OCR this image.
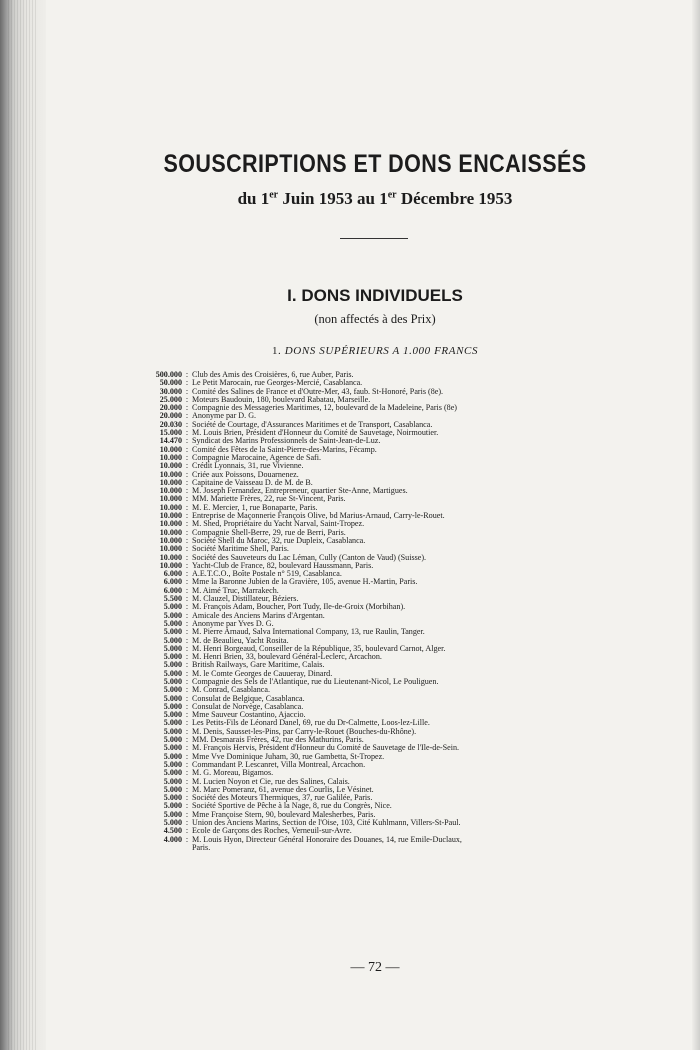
SOUSCRIPTIONS ET DONS ENCAISSÉS
du 1er Juin 1953 au 1er Décembre 1953
I. DONS INDIVIDUELS
(non affectés à des Prix)
1. DONS SUPÉRIEURS A 1.000 FRANCS
500.000 : Club des Amis des Croisières, 6, rue Auber, Paris.
50.000 : Le Petit Marocain, rue Georges-Mercié, Casablanca.
30.000 : Comité des Salines de France et d'Outre-Mer, 43, faub. St-Honoré, Paris (8e).
25.000 : Moteurs Baudouin, 180, boulevard Rabatau, Marseille.
20.000 : Compagnie des Messageries Maritimes, 12, boulevard de la Madeleine, Paris (8e)
20.000 : Anonyme par D. G.
20.030 : Société de Courtage, d'Assurances Maritimes et de Transport, Casablanca.
15.000 : M. Louis Brien, Président d'Honneur du Comité de Sauvetage, Noirmoutier.
14.470 : Syndicat des Marins Professionnels de Saint-Jean-de-Luz.
10.000 : Comité des Fêtes de la Saint-Pierre-des-Marins, Fécamp.
10.000 : Compagnie Marocaine, Agence de Safi.
10.000 : Crédit Lyonnais, 31, rue Vivienne.
10.000 : Criée aux Poissons, Douarnenez.
10.000 : Capitaine de Vaisseau D. de M. de B.
10.000 : M. Joseph Fernandez, Entrepreneur, quartier Ste-Anne, Martigues.
10.000 : MM. Mariette Frères, 22, rue St-Vincent, Paris.
10.000 : M. E. Mercier, 1, rue Bonaparte, Paris.
10.000 : Entreprise de Maçonnerie François Olive, bd Marius-Arnaud, Carry-le-Rouet.
10.000 : M. Shed, Propriétaire du Yacht Narval, Saint-Tropez.
10.000 : Compagnie Shell-Berre, 29, rue de Berri, Paris.
10.000 : Société Shell du Maroc, 32, rue Dupleix, Casablanca.
10.000 : Société Maritime Shell, Paris.
10.000 : Société des Sauveteurs du Lac Léman, Cully (Canton de Vaud) (Suisse).
10.000 : Yacht-Club de France, 82, boulevard Haussmann, Paris.
6.000 : A.E.T.C.O., Boîte Postale n° 519, Casablanca.
6.000 : Mme la Baronne Jubien de la Gravière, 105, avenue H.-Martin, Paris.
6.000 : M. Aimé Truc, Marrakech.
5.500 : M. Clauzel, Distillateur, Béziers.
5.000 : M. François Adam, Boucher, Port Tudy, Ile-de-Groix (Morbihan).
5.000 : Amicale des Anciens Marins d'Argentan.
5.000 : Anonyme par Yves D. G.
5.000 : M. Pierre Arnaud, Salva International Company, 13, rue Raulin, Tanger.
5.000 : M. de Beaulieu, Yacht Rosita.
5.000 : M. Henri Borgeaud, Conseiller de la République, 35, boulevard Carnot, Alger.
5.000 : M. Henri Brien, 33, boulevard Général-Leclerc, Arcachon.
5.000 : British Railways, Gare Maritime, Calais.
5.000 : M. le Comte Georges de Cauueray, Dinard.
5.000 : Compagnie des Sels de l'Atlantique, rue du Lieutenant-Nicol, Le Pouliguen.
5.000 : M. Conrad, Casablanca.
5.000 : Consulat de Belgique, Casablanca.
5.000 : Consulat de Norvège, Casablanca.
5.000 : Mme Sauveur Costantino, Ajaccio.
5.000 : Les Petits-Fils de Léonard Danel, 69, rue du Dr-Calmette, Loos-lez-Lille.
5.000 : M. Denis, Sausset-les-Pins, par Carry-le-Rouet (Bouches-du-Rhône).
5.000 : MM. Desmarais Frères, 42, rue des Mathurins, Paris.
5.000 : M. François Hervis, Président d'Honneur du Comité de Sauvetage de l'Ile-de-Sein.
5.000 : Mme Vve Dominique Juham, 30, rue Gambetta, St-Tropez.
5.000 : Commandant P. Lescanret, Villa Montreal, Arcachon.
5.000 : M. G. Moreau, Bigamos.
5.000 : M. Lucien Noyon et Cie, rue des Salines, Calais.
5.000 : M. Marc Pomeranz, 61, avenue des Courlis, Le Vésinet.
5.000 : Société des Moteurs Thermiques, 37, rue Galilée, Paris.
5.000 : Société Sportive de Pêche à la Nage, 8, rue du Congrès, Nice.
5.000 : Mme Françoise Stern, 90, boulevard Malesherbes, Paris.
5.000 : Union des Anciens Marins, Section de l'Oise, 103, Cité Kuhlmann, Villers-St-Paul.
4.500 : École de Garçons des Roches, Verneuil-sur-Avre.
4.000 : M. Louis Hyon, Directeur Général Honoraire des Douanes, 14, rue Émile-Duclaux,
Paris.
— 72 —
